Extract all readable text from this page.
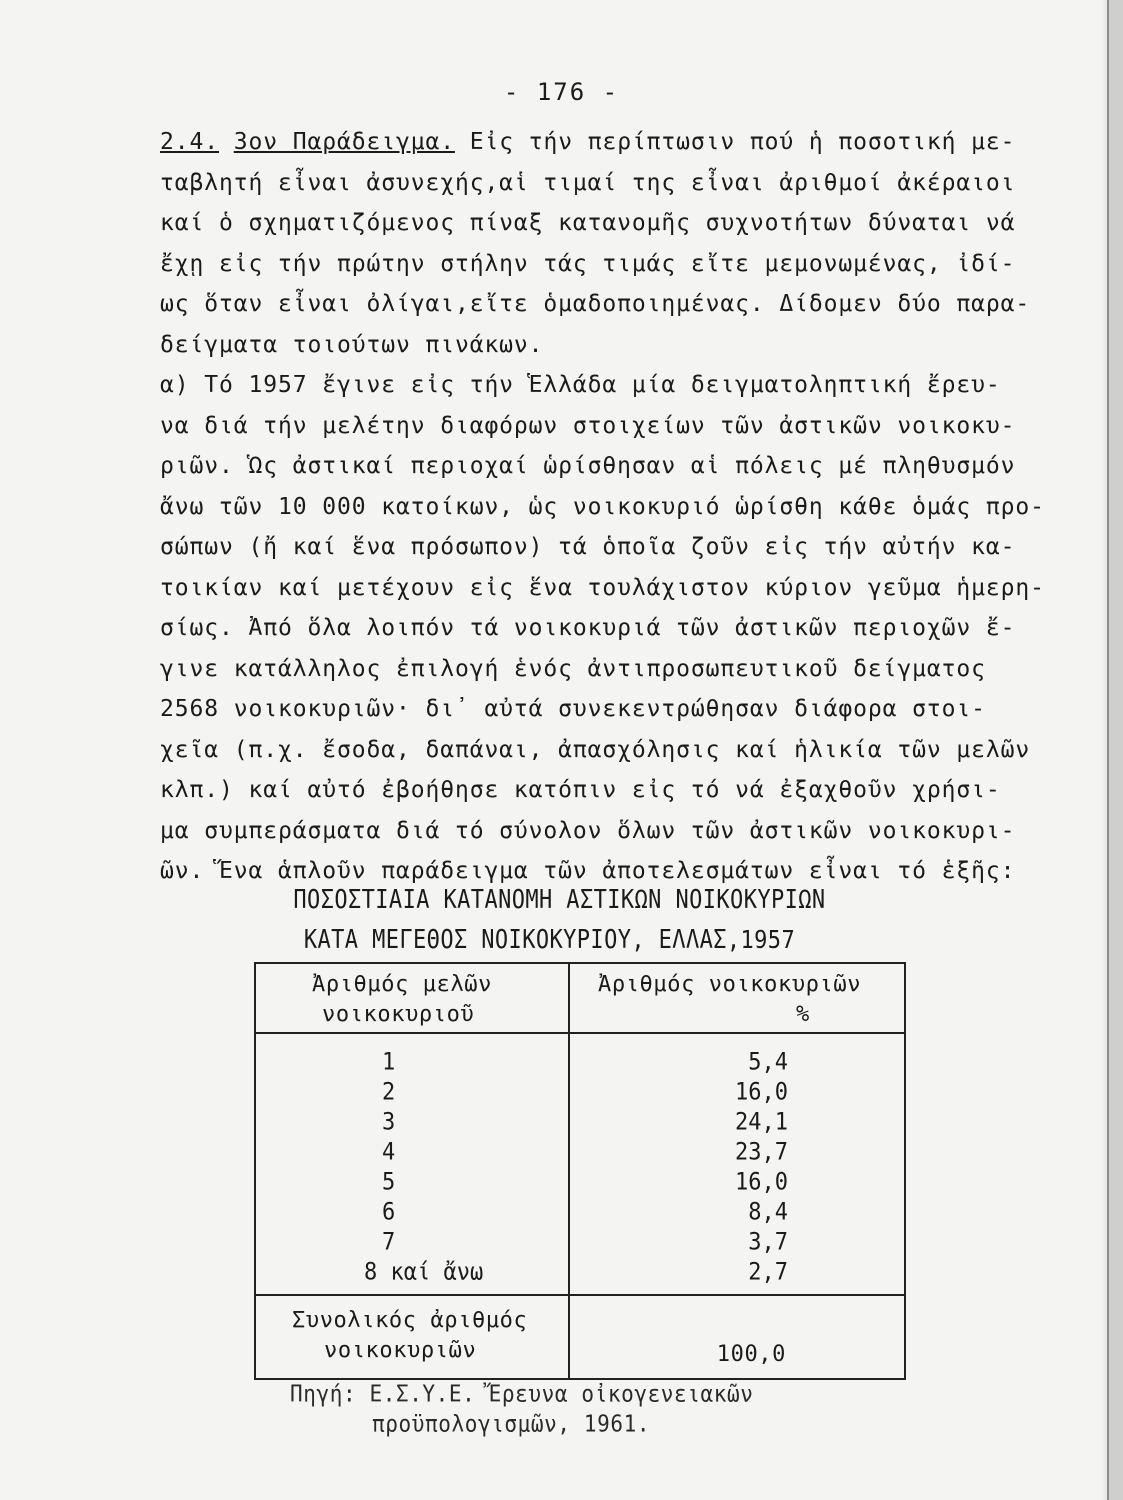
- 176 -
2.4. 3ον Παράδειγμα. Εἰς τήν περίπτωσιν πού ἡ ποσοτική με-
ταβλητή εἶναι ἀσυνεχής,αἱ τιμαί της εἶναι ἀριθμοί ἀκέραιοι
καί ὁ σχηματιζόμενος πίναξ κατανομῆς συχνοτήτων δύναται νά
ἔχῃ εἰς τήν πρώτην στήλην τάς τιμάς εἴτε μεμονωμένας, ἰδί-
ως ὅταν εἶναι ὀλίγαι,εἴτε ὁμαδοποιημένας. Δίδομεν δύο παρα-
δείγματα τοιούτων πινάκων.
α) Τό 1957 ἔγινε εἰς τήν Ἑλλάδα μία δειγματοληπτική ἔρευ-
να διά τήν μελέτην διαφόρων στοιχείων τῶν ἀστικῶν νοικοκυ-
ριῶν. Ὡς ἀστικαί περιοχαί ὡρίσθησαν αἱ πόλεις μέ πληθυσμόν
ἄνω τῶν 10 000 κατοίκων, ὡς νοικοκυριό ὡρίσθη κάθε ὁμάς προ-
σώπων (ἤ καί ἕνα πρόσωπον) τά ὁποῖα ζοῦν εἰς τήν αὐτήν κα-
τοικίαν καί μετέχουν εἰς ἕνα τουλάχιστον κύριον γεῦμα ἡμερη-
σίως. Ἀπό ὅλα λοιπόν τά νοικοκυριά τῶν ἀστικῶν περιοχῶν ἔ-
γινε κατάλληλος ἐπιλογή ἑνός ἀντιπροσωπευτικοῦ δείγματος
2568 νοικοκυριῶν· δι᾿ αὐτά συνεκεντρώθησαν διάφορα στοι-
χεῖα (π.χ. ἔσοδα, δαπάναι, ἀπασχόλησις καί ἡλικία τῶν μελῶν
κλπ.) καί αὐτό ἐβοήθησε κατόπιν εἰς τό νά ἐξαχθοῦν χρήσι-
μα συμπεράσματα διά τό σύνολον ὅλων τῶν ἀστικῶν νοικοκυρι-
ῶν. Ἕνα ἁπλοῦν παράδειγμα τῶν ἀποτελεσμάτων εἶναι τό ἑξῆς:
ΠΟΣΟΣΤΙΑΙΑ ΚΑΤΑΝΟΜΗ ΑΣΤΙΚΩΝ ΝΟΙΚΟΚΥΡΙΩΝ
ΚΑΤΑ ΜΕΓΕΘΟΣ ΝΟΙΚΟΚΥΡΙΟΥ, ΕΛΛΑΣ,1957
Ἀριθμός μελῶν
νοικοκυριοῦ
Ἀριθμός νοικοκυριῶν
%
1
2
3
4
5
6
7
8 καί ἄνω
5,4
16,0
24,1
23,7
16,0
8,4
3,7
2,7
Συνολικός ἀριθμός
νοικοκυριῶν	100,0
Πηγή: Ε.Σ.Υ.Ε. Ἔρευνα οἰκογενειακῶν
προϋπολογισμῶν, 1961.
